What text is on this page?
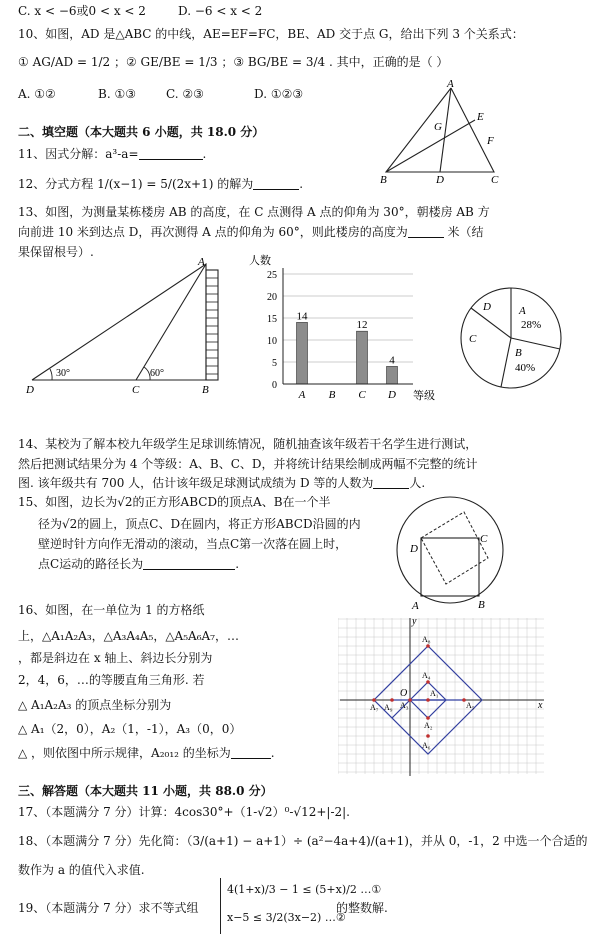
C. x < −6或0 < x < 2	D. −6 < x < 2
10、如图，AD 是△ABC 的中线，AE=EF=FC，BE、AD 交于点 G，给出下列 3 个关系式：
① AG/AD = 1/2 ；② GE/BE = 1/3 ；③ BG/BE = 3/4 . 其中，正确的是（ ）
A. ①②	B. ①③	C. ②③	D. ①②③
A
B	C
D
E
F
G
二、填空题（本大题共 6 小题，共 18.0 分）
11、因式分解：a³-a=	.
12、分式方程 1/(x−1) = 5/(2x+1) 的解为	.
13、如图，为测量某栋楼房 AB 的高度，在 C 点测得 A 点的仰角为 30°，朝楼房 AB 方
向前进 10 米到达点 D，再次测得 A 点的仰角为 60°，则此楼房的高度为	米（结
果保留根号）.
A
D	C	B
30°	60°
人数
0
5
10
15
20
25
14
12
4
A B C D 等级
A
28%
B
40%
C
D
14、某校为了解本校九年级学生足球训练情况，随机抽查该年级若干名学生进行测试，
然后把测试结果分为 4 个等级：A、B、C、D，并将统计结果绘制成两幅不完整的统计
图. 该年级共有 700 人，估计该年级足球测试成绩为 D 等的人数为	人.
15、如图，边长为√2的正方形ABCD的顶点A、B在一个半
径为√2的圆上，顶点C、D在圆内，将正方形ABCD沿圆的内
壁逆时针方向作无滑动的滚动，当点C第一次落在圆上时，
点C运动的路径长为	.
A	B
C
D
16、如图，在一单位为 1 的方格纸
上，△A₁A₂A₃，△A₃A₄A₅，△A₅A₆A₇，…
，都是斜边在 x 轴上、斜边长分别为
2，4，6，…的等腰直角三角形. 若
△ A₁A₂A₃ 的顶点坐标分别为
△ A₁（2，0），A₂（1，-1），A₃（0，0）
△ ，则依图中所示规律，A₂₀₁₂ 的坐标为	.
x
y
O	A₁
A₂
A₃
A₄
A₅
A₆
A₇
A₈
A₉
三、解答题（本大题共 11 小题，共 88.0 分）
17、（本题满分 7 分）计算：4cos30°+（1-√2）⁰-√12+|-2|.
18、（本题满分 7 分）先化简：（3/(a+1) − a+1）÷ (a²−4a+4)/(a+1)，并从 0，-1，2 中选一个合适的
数作为 a 的值代入求值.
19、（本题满分 7 分）求不等式组
4(1+x)/3 − 1 ≤ (5+x)/2 …①
x−5 ≤ 3/2(3x−2) …②
的整数解.
